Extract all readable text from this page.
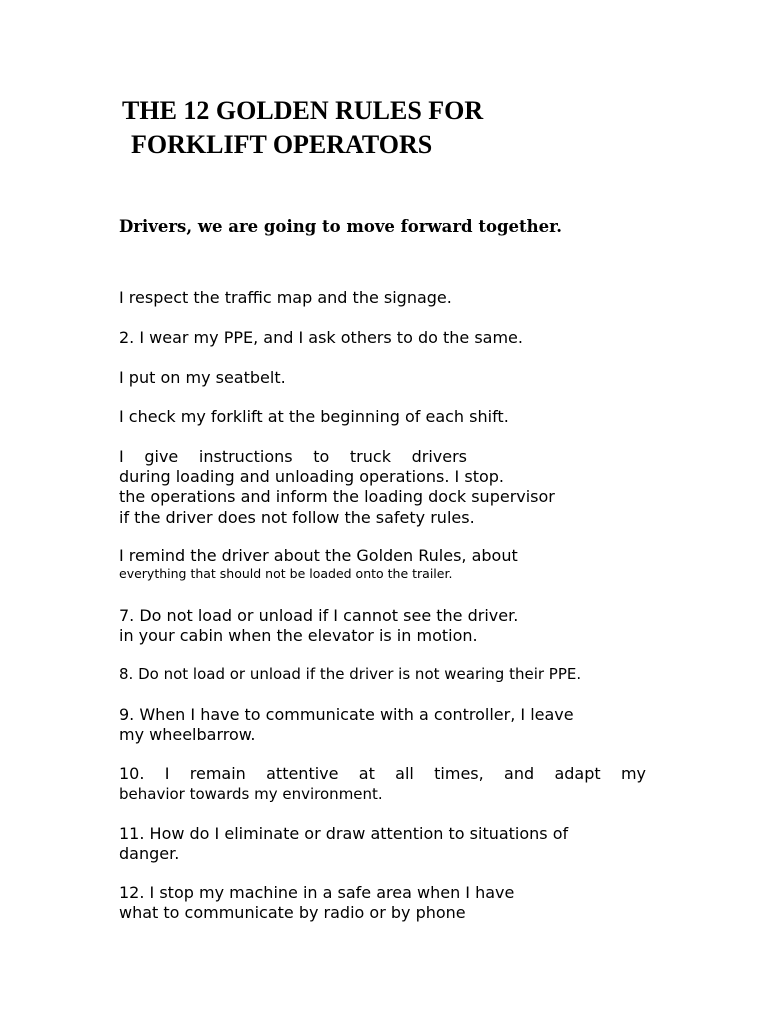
THE 12 GOLDEN RULES FOR
FORKLIFT OPERATORS
Drivers, we are going to move forward together.
I respect the traffic map and the signage.
2. I wear my PPE, and I ask others to do the same.
I put on my seatbelt.
I check my forklift at the beginning of each shift.
I give instructions to truck drivers
during loading and unloading operations. I stop.
the operations and inform the loading dock supervisor
if the driver does not follow the safety rules.
I remind the driver about the Golden Rules, about
everything that should not be loaded onto the trailer.
7. Do not load or unload if I cannot see the driver.
in your cabin when the elevator is in motion.
8. Do not load or unload if the driver is not wearing their PPE.
9. When I have to communicate with a controller, I leave
my wheelbarrow.
10. I remain attentive at all times, and adapt my
behavior towards my environment.
11. How do I eliminate or draw attention to situations of
danger.
12. I stop my machine in a safe area when I have
what to communicate by radio or by phone
